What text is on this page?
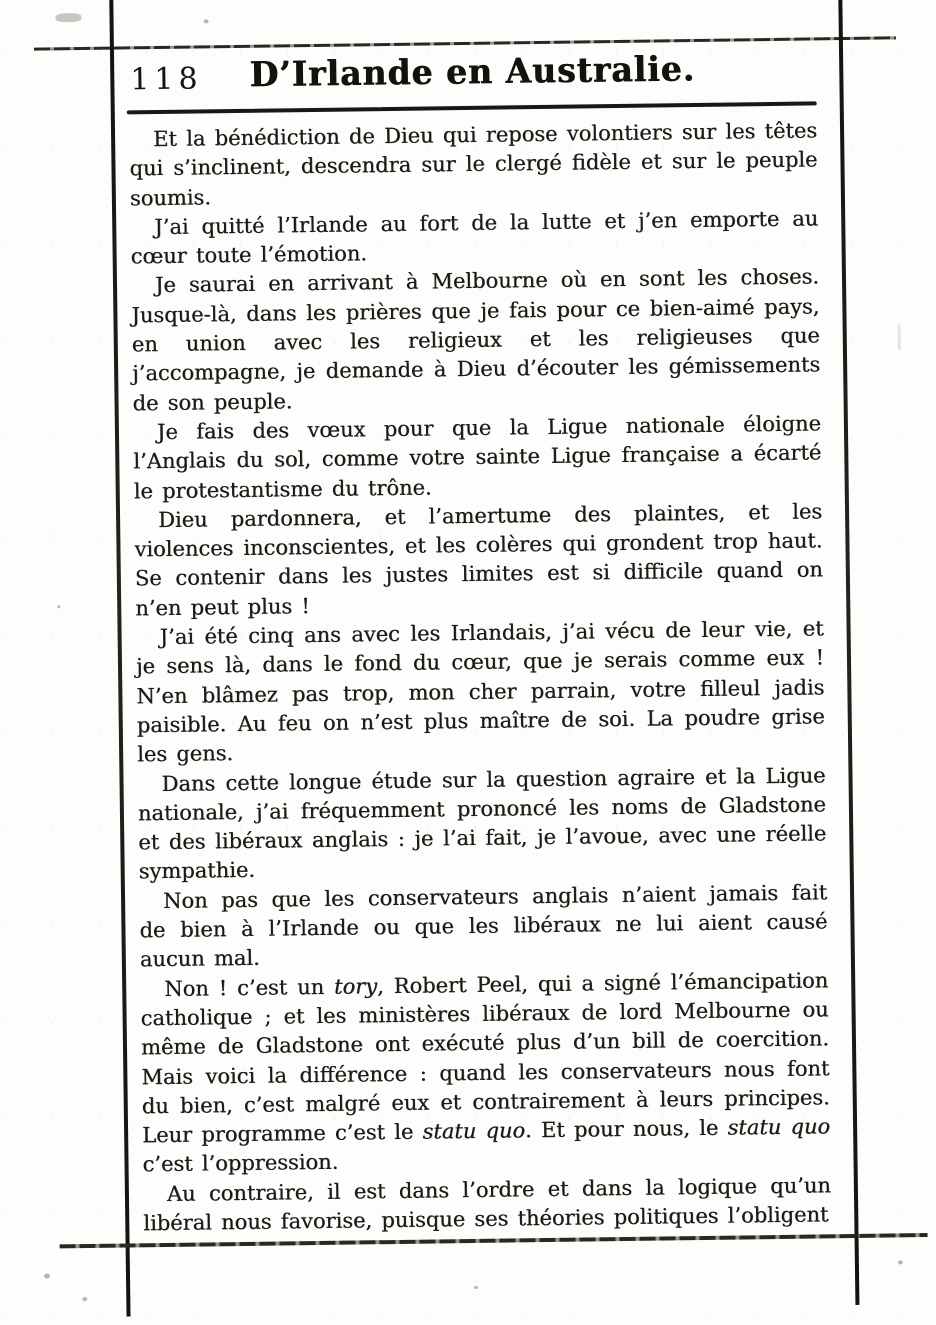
118 D’Irlande en Australie.

Et la bénédiction de Dieu qui repose volontiers sur les têtes qui s’inclinent, descendra sur le clergé fidèle et sur le peuple soumis.

J’ai quitté l’Irlande au fort de la lutte et j’en emporte au cœur toute l’émotion.

Je saurai en arrivant à Melbourne où en sont les choses. Jusque-là, dans les prières que je fais pour ce bien-aimé pays, en union avec les religieux et les religieuses que j’accompagne, je demande à Dieu d’écouter les gémissements de son peuple.

Je fais des vœux pour que la Ligue nationale éloigne l’Anglais du sol, comme votre sainte Ligue française a écarté le protestantisme du trône.

Dieu pardonnera, et l’amertume des plaintes, et les violences inconscientes, et les colères qui grondent trop haut. Se contenir dans les justes limites est si difficile quand on n’en peut plus !

J’ai été cinq ans avec les Irlandais, j’ai vécu de leur vie, et je sens là, dans le fond du cœur, que je serais comme eux ! N’en blâmez pas trop, mon cher parrain, votre filleul jadis paisible. Au feu on n’est plus maître de soi. La poudre grise les gens.

Dans cette longue étude sur la question agraire et la Ligue nationale, j’ai fréquemment prononcé les noms de Gladstone et des libéraux anglais : je l’ai fait, je l’avoue, avec une réelle sympathie.

Non pas que les conservateurs anglais n’aient jamais fait de bien à l’Irlande ou que les libéraux ne lui aient causé aucun mal.

Non ! c’est un tory, Robert Peel, qui a signé l’émancipation catholique ; et les ministères libéraux de lord Melbourne ou même de Gladstone ont exécuté plus d’un bill de coercition. Mais voici la différence : quand les conservateurs nous font du bien, c’est malgré eux et contrairement à leurs principes. Leur programme c’est le statu quo. Et pour nous, le statu quo c’est l’oppression.

Au contraire, il est dans l’ordre et dans la logique qu’un libéral nous favorise, puisque ses théories politiques l’obligent
